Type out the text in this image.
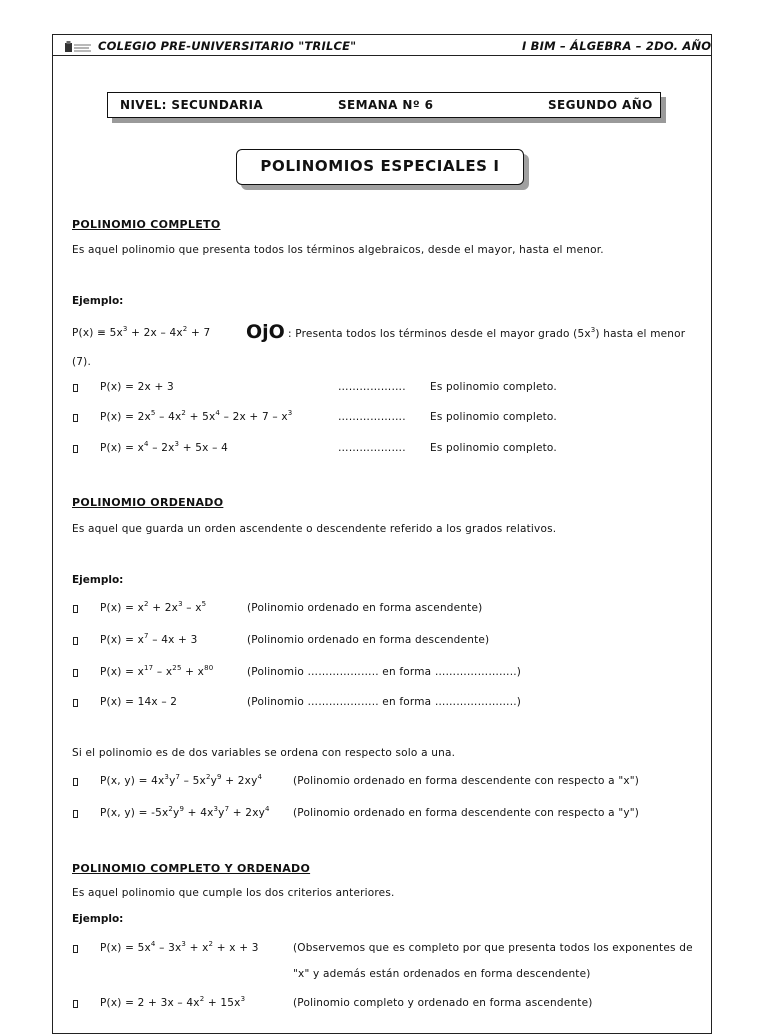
COLEGIO PRE-UNIVERSITARIO "TRILCE"	I BIM – ÁLGEBRA – 2DO. AÑO
NIVEL: SECUNDARIA	SEMANA Nº 6	SEGUNDO AÑO
POLINOMIOS ESPECIALES I
POLINOMIO COMPLETO
Es aquel polinomio que presenta todos los términos algebraicos, desde el mayor, hasta el menor.
Ejemplo:
$P(x) \equiv 5x^3 + 2x - 4x^2 + 7$ OjO : Presenta todos los términos desde el mayor grado $(5x^3)$ hasta el menor
(7).
P(x) = 2x + 3	………………. Es polinomio completo.
$P(x) = 2x^5 - 4x^2 + 5x^4 - 2x + 7 - x^3$	………………. Es polinomio completo.
$P(x) = x^4 - 2x^3 + 5x - 4$	………………. Es polinomio completo.
POLINOMIO ORDENADO
Es aquel que guarda un orden ascendente o descendente referido a los grados relativos.
Ejemplo:
$P(x) = x^2 + 2x^3 - x^5$	(Polinomio ordenado en forma ascendente)
$P(x) = x^7 - 4x + 3$	(Polinomio ordenado en forma descendente)
$P(x) = x^{17} - x^{25} + x^{80}$	(Polinomio ……………….. en forma …………………..)
P(x) = 14x – 2	(Polinomio ……………….. en forma …………………..)
Si el polinomio es de dos variables se ordena con respecto solo a una.
P(x, $y) = 4x^3y^7 - 5x^2y^9 + 2xy^4$	(Polinomio ordenado en forma descendente con respecto a "x")
P(x, $y) = -5x^2y^9 + 4x^3y^7 + 2xy^4$ (Polinomio ordenado en forma descendente con respecto a "y")
POLINOMIO COMPLETO Y ORDENADO
Es aquel polinomio que cumple los dos criterios anteriores.
Ejemplo:
$P(x) = 5x^4 - 3x^3 + x^2 + x + 3$	(Observemos que es completo por que presenta todos los exponentes de
"x" y además están ordenados en forma descendente)
$P(x) = 2 + 3x - 4x^2 + 15x^3$	(Polinomio completo y ordenado en forma ascendente)
